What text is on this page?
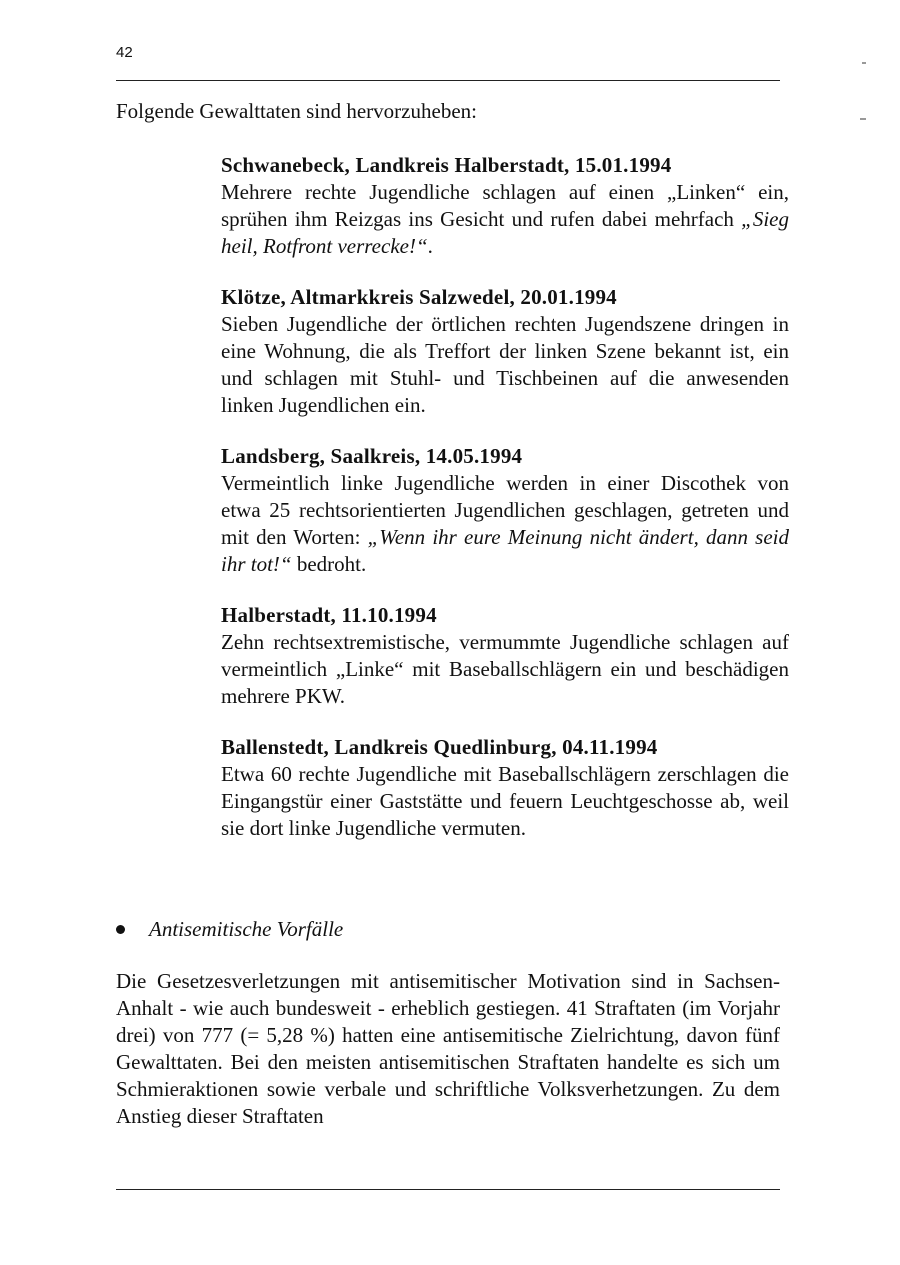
42
Folgende Gewalttaten sind hervorzuheben:
Schwanebeck, Landkreis Halberstadt, 15.01.1994
Mehrere rechte Jugendliche schlagen auf einen „Linken“ ein, sprühen ihm Reizgas ins Gesicht und rufen dabei mehrfach „Sieg heil, Rotfront verrecke!“.
Klötze, Altmarkkreis Salzwedel, 20.01.1994
Sieben Jugendliche der örtlichen rechten Jugendszene dringen in eine Wohnung, die als Treffort der linken Szene bekannt ist, ein und schlagen mit Stuhl- und Tischbeinen auf die anwesenden linken Jugendlichen ein.
Landsberg, Saalkreis, 14.05.1994
Vermeintlich linke Jugendliche werden in einer Discothek von etwa 25 rechtsorientierten Jugendlichen geschlagen, getreten und mit den Worten: „Wenn ihr eure Meinung nicht ändert, dann seid ihr tot!“ bedroht.
Halberstadt, 11.10.1994
Zehn rechtsextremistische, vermummte Jugendliche schlagen auf vermeintlich „Linke“ mit Baseballschlägern ein und beschädigen mehrere PKW.
Ballenstedt, Landkreis Quedlinburg, 04.11.1994
Etwa 60 rechte Jugendliche mit Baseballschlägern zerschlagen die Eingangstür einer Gaststätte und feuern Leuchtgeschosse ab, weil sie dort linke Jugendliche vermuten.
Antisemitische Vorfälle
Die Gesetzesverletzungen mit antisemitischer Motivation sind in Sachsen-Anhalt - wie auch bundesweit - erheblich gestiegen. 41 Straftaten (im Vorjahr drei) von 777 (= 5,28 %) hatten eine antisemitische Zielrichtung, davon fünf Gewalttaten. Bei den meisten antisemitischen Straftaten handelte es sich um Schmieraktionen sowie verbale und schriftliche Volksverhetzungen. Zu dem Anstieg dieser Straftaten
